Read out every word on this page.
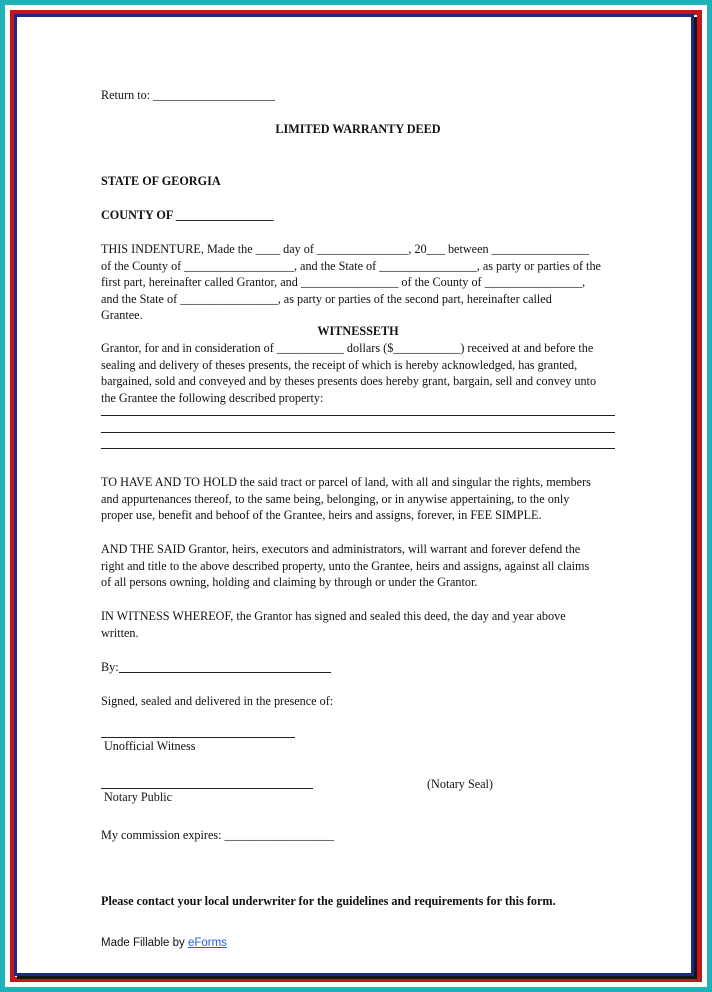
Return to: ____________________
LIMITED WARRANTY DEED
STATE OF GEORGIA
COUNTY OF ________________
THIS INDENTURE, Made the ____ day of _______________, 20___ between ________________
of the County of __________________, and the State of ________________, as party or parties of the
first part, hereinafter called Grantor, and ________________ of the County of ________________,
and the State of ________________, as party or parties of the second part, hereinafter called
Grantee.
WITNESSETH
Grantor, for and in consideration of ___________ dollars ($___________) received at and before the
sealing and delivery of theses presents, the receipt of which is hereby acknowledged, has granted,
bargained, sold and conveyed and by theses presents does hereby grant, bargain, sell and convey unto
the Grantee the following described property:
TO HAVE AND TO HOLD the said tract or parcel of land, with all and singular the rights, members
and appurtenances thereof, to the same being, belonging, or in anywise appertaining, to the only
proper use, benefit and behoof of the Grantee, heirs and assigns, forever, in FEE SIMPLE.
AND THE SAID Grantor, heirs, executors and administrators, will warrant and forever defend the
right and title to the above described property, unto the Grantee, heirs and assigns, against all claims
of all persons owning, holding and claiming by through or under the Grantor.
IN WITNESS WHEREOF, the Grantor has signed and sealed this deed, the day and year above
written.
By:
Signed, sealed and delivered in the presence of:
Unofficial Witness
(Notary Seal)
Notary Public
My commission expires: __________________
Please contact your local underwriter for the guidelines and requirements for this form.
Made Fillable by eForms
